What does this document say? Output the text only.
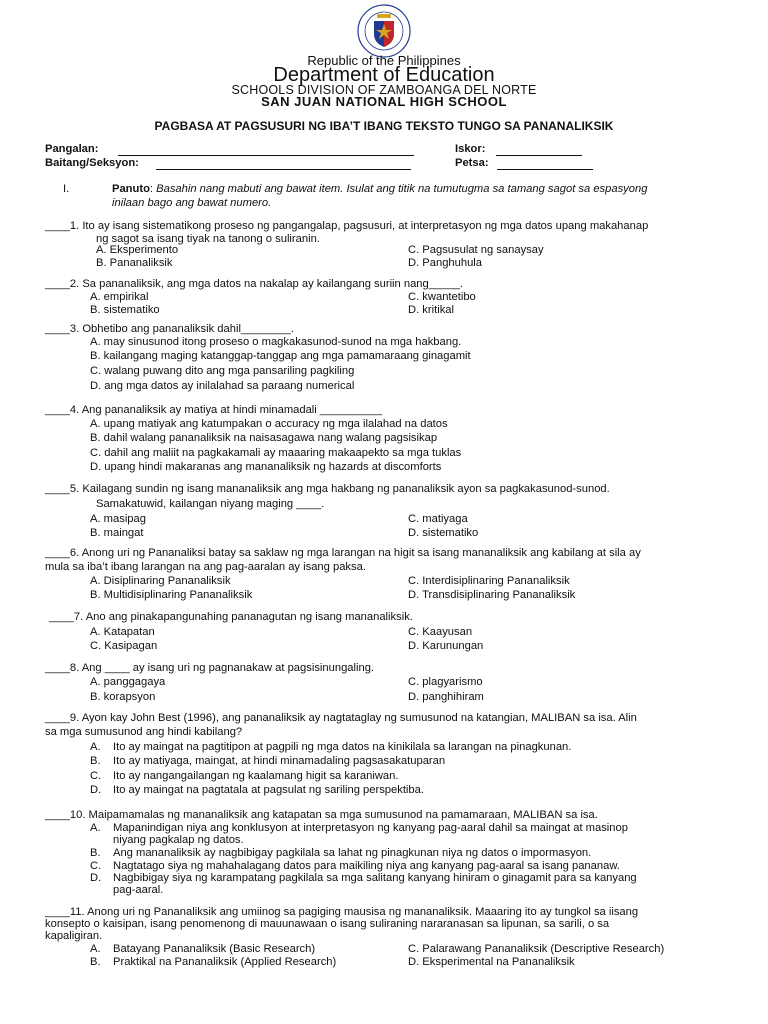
Republic of the Philippines
Department of Education
SCHOOLS DIVISION OF ZAMBOANGA DEL NORTE
SAN JUAN NATIONAL HIGH SCHOOL
PAGBASA AT PAGSUSURI NG IBA’T IBANG TEKSTO TUNGO SA PANANALIKSIK
Pangalan:
Baitang/Seksyon:
Iskor:
Petsa:
I.	Panuto: Basahin nang mabuti ang bawat item. Isulat ang titik na tumutugma sa tamang sagot sa espasyong
inilaan bago ang bawat numero.
____1. Ito ay isang sistematikong proseso ng pangangalap, pagsusuri, at interpretasyon ng mga datos upang makahanap
ng sagot sa isang tiyak na tanong o suliranin.
A. Eksperimento
B. Pananaliksik
C. Pagsusulat ng sanaysay
D. Panghuhula
____2. Sa pananaliksik, ang mga datos na nakalap ay kailangang suriin nang_____.
A. empirikal
B. sistematiko
C. kwantetibo
D. kritikal
____3. Obhetibo ang pananaliksik dahil________.
A. may sinusunod itong proseso o magkakasunod-sunod na mga hakbang.
B. kailangang maging katanggap-tanggap ang mga pamamaraang ginagamit
C. walang puwang dito ang mga pansariling pagkiling
D. ang mga datos ay inilalahad sa paraang numerical
____4. Ang pananaliksik ay matiya at hindi minamadali __________
A. upang matiyak ang katumpakan o accuracy ng mga ilalahad na datos
B. dahil walang pananaliksik na naisasagawa nang walang pagsisikap
C. dahil ang maliit na pagkakamali ay maaaring makaapekto sa mga tuklas
D. upang hindi makaranas ang mananaliksik ng hazards at discomforts
____5. Kailagang sundin ng isang mananaliksik ang mga hakbang ng pananaliksik ayon sa pagkakasunod-sunod.
Samakatuwid, kailangan niyang maging ____.
A. masipag
B. maingat
C. matiyaga
D. sistematiko
____6. Anong uri ng Pananaliksi batay sa saklaw ng mga larangan na higit sa isang mananaliksik ang kabilang at sila ay
mula sa iba’t ibang larangan na ang pag-aaralan ay isang paksa.
A. Disiplinaring Pananaliksik
B. Multidisiplinaring Pananaliksik
C. Interdisiplinaring Pananaliksik
D. Transdisiplinaring Pananaliksik
____7. Ano ang pinakapangunahing pananagutan ng isang mananaliksik.
A. Katapatan
C. Kasipagan
C. Kaayusan
D. Karunungan
____8. Ang ____ ay isang uri ng pagnanakaw at pagsisinungaling.
A. panggagaya
B. korapsyon
C. plagyarismo
D. panghihiram
____9. Ayon kay John Best (1996), ang pananaliksik ay nagtataglay ng sumusunod na katangian, MALIBAN sa isa. Alin
sa mga sumusunod ang hindi kabilang?
A. Ito ay maingat na pagtitipon at pagpili ng mga datos na kinikilala sa larangan na pinagkunan.
B. Ito ay matiyaga, maingat, at hindi minamadaling pagsasakatuparan
C. Ito ay nangangailangan ng kaalamang higit sa karaniwan.
D. Ito ay maingat na pagtatala at pagsulat ng sariling perspektiba.
____10. Maipamamalas ng mananaliksik ang katapatan sa mga sumusunod na pamamaraan, MALIBAN sa isa.
A. Mapanindigan niya ang konklusyon at interpretasyon ng kanyang pag-aaral dahil sa maingat at masinop
niyang pagkalap ng datos.
B. Ang mananaliksik ay nagbibigay pagkilala sa lahat ng pinagkunan niya ng datos o impormasyon.
C. Nagtatago siya ng mahahalagang datos para maikiling niya ang kanyang pag-aaral sa isang pananaw.
D. Nagbibigay siya ng karampatang pagkilala sa mga salitang kanyang hiniram o ginagamit para sa kanyang
pag-aaral.
____11. Anong uri ng Pananaliksik ang umiinog sa pagiging mausisa ng mananaliksik. Maaaring ito ay tungkol sa iisang
konsepto o kaisipan, isang penomenong di mauunawaan o isang suliraning nararanasan sa lipunan, sa sarili, o sa
kapaligiran.
A. Batayang Pananaliksik (Basic Research)
B. Praktikal na Pananaliksik (Applied Research)
C. Palarawang Pananaliksik (Descriptive Research)
D. Eksperimental na Pananaliksik
